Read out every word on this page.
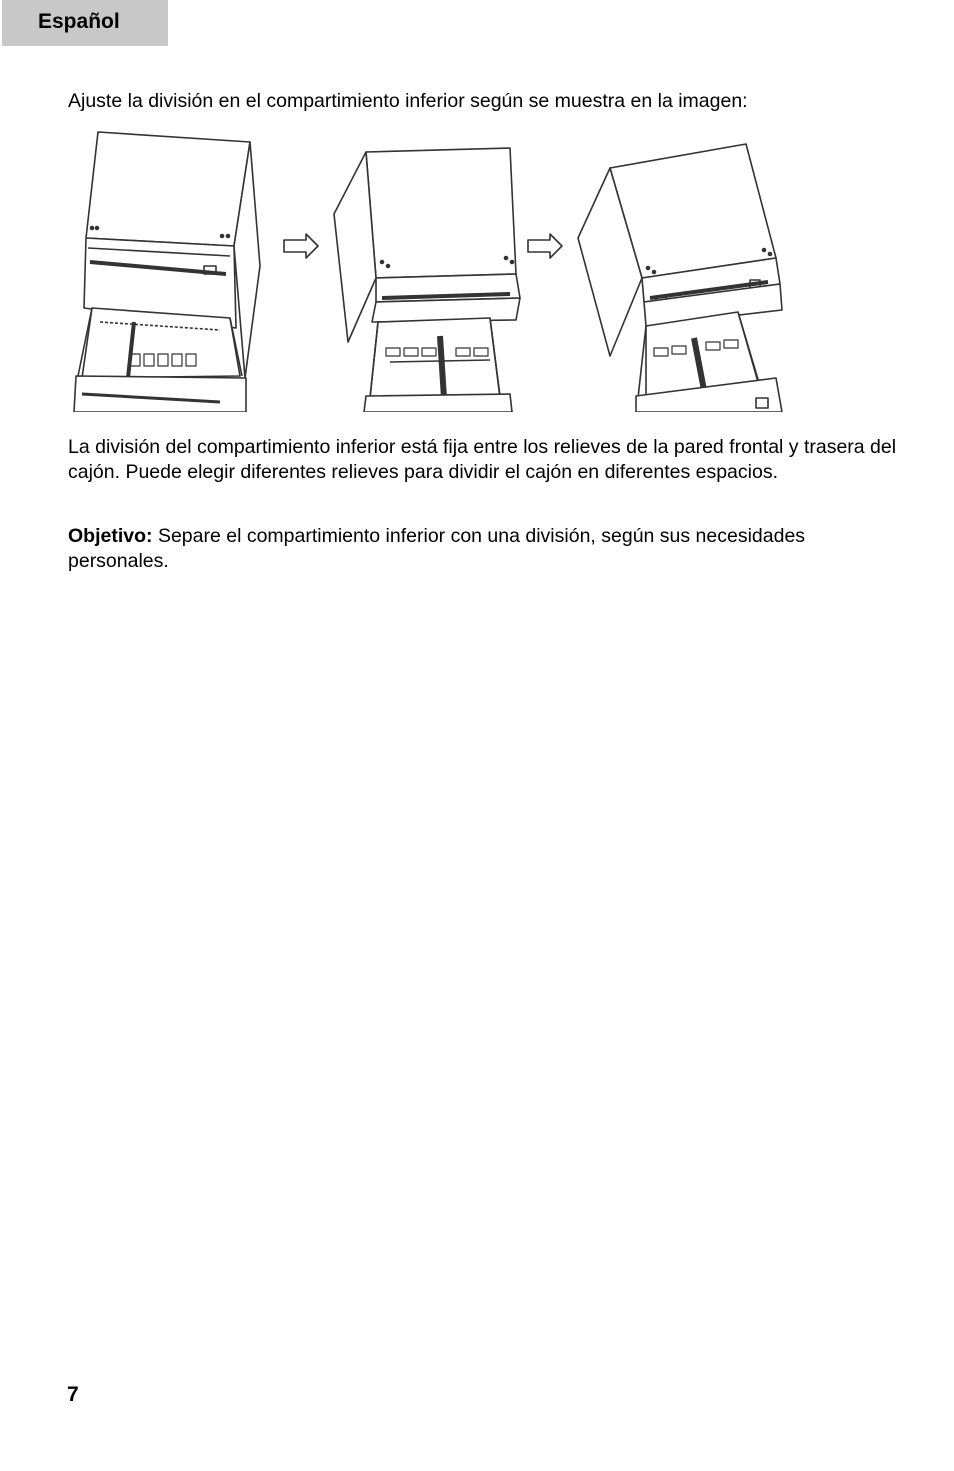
Español

Ajuste la división en el compartimiento inferior según se muestra en la imagen:

La división del compartimiento inferior está fija entre los relieves de la pared frontal y trasera del cajón. Puede elegir diferentes relieves para dividir el cajón en diferentes espacios.

Objetivo: Separe el compartimiento inferior con una división, según sus necesidades personales.

7
